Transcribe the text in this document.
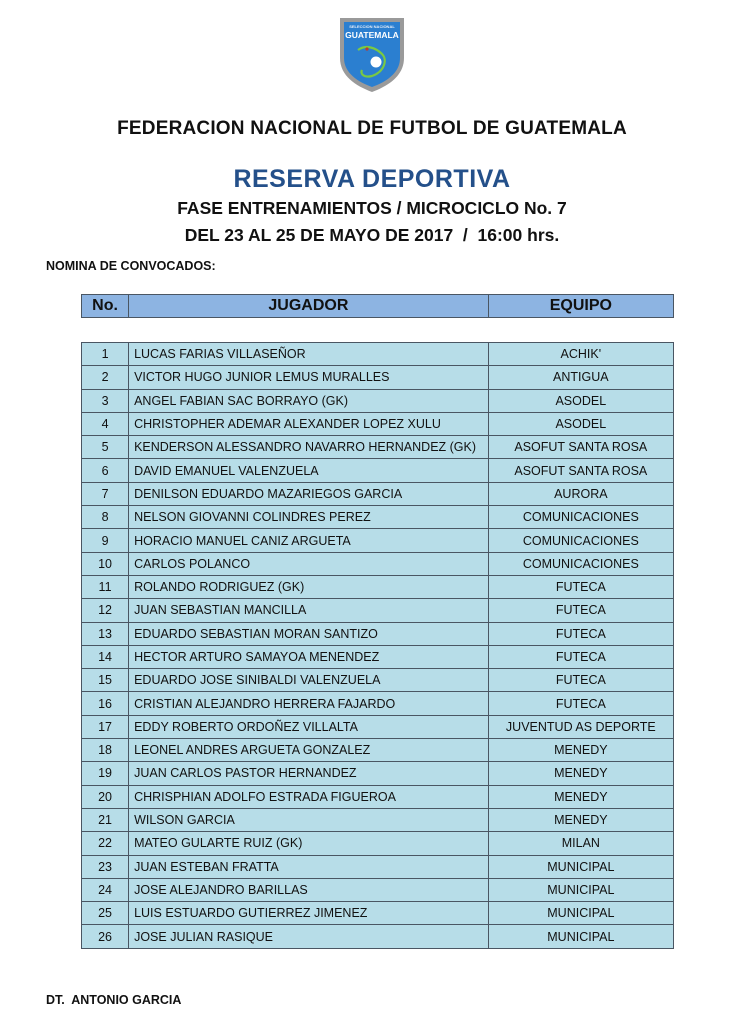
SELECCION NACIONAL
GUATEMALA
FEDERACION NACIONAL DE FUTBOL DE GUATEMALA
RESERVA DEPORTIVA
FASE ENTRENAMIENTOS / MICROCICLO No. 7
DEL 23 AL 25 DE MAYO DE 2017  /  16:00 hrs.
NOMINA DE CONVOCADOS:
No.	JUGADOR	EQUIPO
1	LUCAS FARIAS VILLASEÑOR	ACHIK'
2	VICTOR HUGO JUNIOR LEMUS MURALLES	ANTIGUA
3	ANGEL FABIAN SAC BORRAYO (GK)	ASODEL
4	CHRISTOPHER ADEMAR ALEXANDER LOPEZ XULU	ASODEL
5	KENDERSON ALESSANDRO NAVARRO HERNANDEZ (GK)	ASOFUT SANTA ROSA
6	DAVID EMANUEL VALENZUELA	ASOFUT SANTA ROSA
7	DENILSON EDUARDO MAZARIEGOS GARCIA	AURORA
8	NELSON GIOVANNI COLINDRES PEREZ	COMUNICACIONES
9	HORACIO MANUEL CANIZ ARGUETA	COMUNICACIONES
10	CARLOS POLANCO	COMUNICACIONES
11	ROLANDO RODRIGUEZ (GK)	FUTECA
12	JUAN SEBASTIAN MANCILLA	FUTECA
13	EDUARDO SEBASTIAN MORAN SANTIZO	FUTECA
14	HECTOR ARTURO SAMAYOA MENENDEZ	FUTECA
15	EDUARDO JOSE SINIBALDI VALENZUELA	FUTECA
16	CRISTIAN ALEJANDRO HERRERA FAJARDO	FUTECA
17	EDDY ROBERTO ORDOÑEZ VILLALTA	JUVENTUD AS DEPORTE
18	LEONEL ANDRES ARGUETA GONZALEZ	MENEDY
19	JUAN CARLOS PASTOR HERNANDEZ	MENEDY
20	CHRISPHIAN ADOLFO ESTRADA FIGUEROA	MENEDY
21	WILSON GARCIA	MENEDY
22	MATEO GULARTE RUIZ (GK)	MILAN
23	JUAN ESTEBAN FRATTA	MUNICIPAL
24	JOSE ALEJANDRO BARILLAS	MUNICIPAL
25	LUIS ESTUARDO GUTIERREZ JIMENEZ	MUNICIPAL
26	JOSE JULIAN RASIQUE	MUNICIPAL
DT.  ANTONIO GARCIA
